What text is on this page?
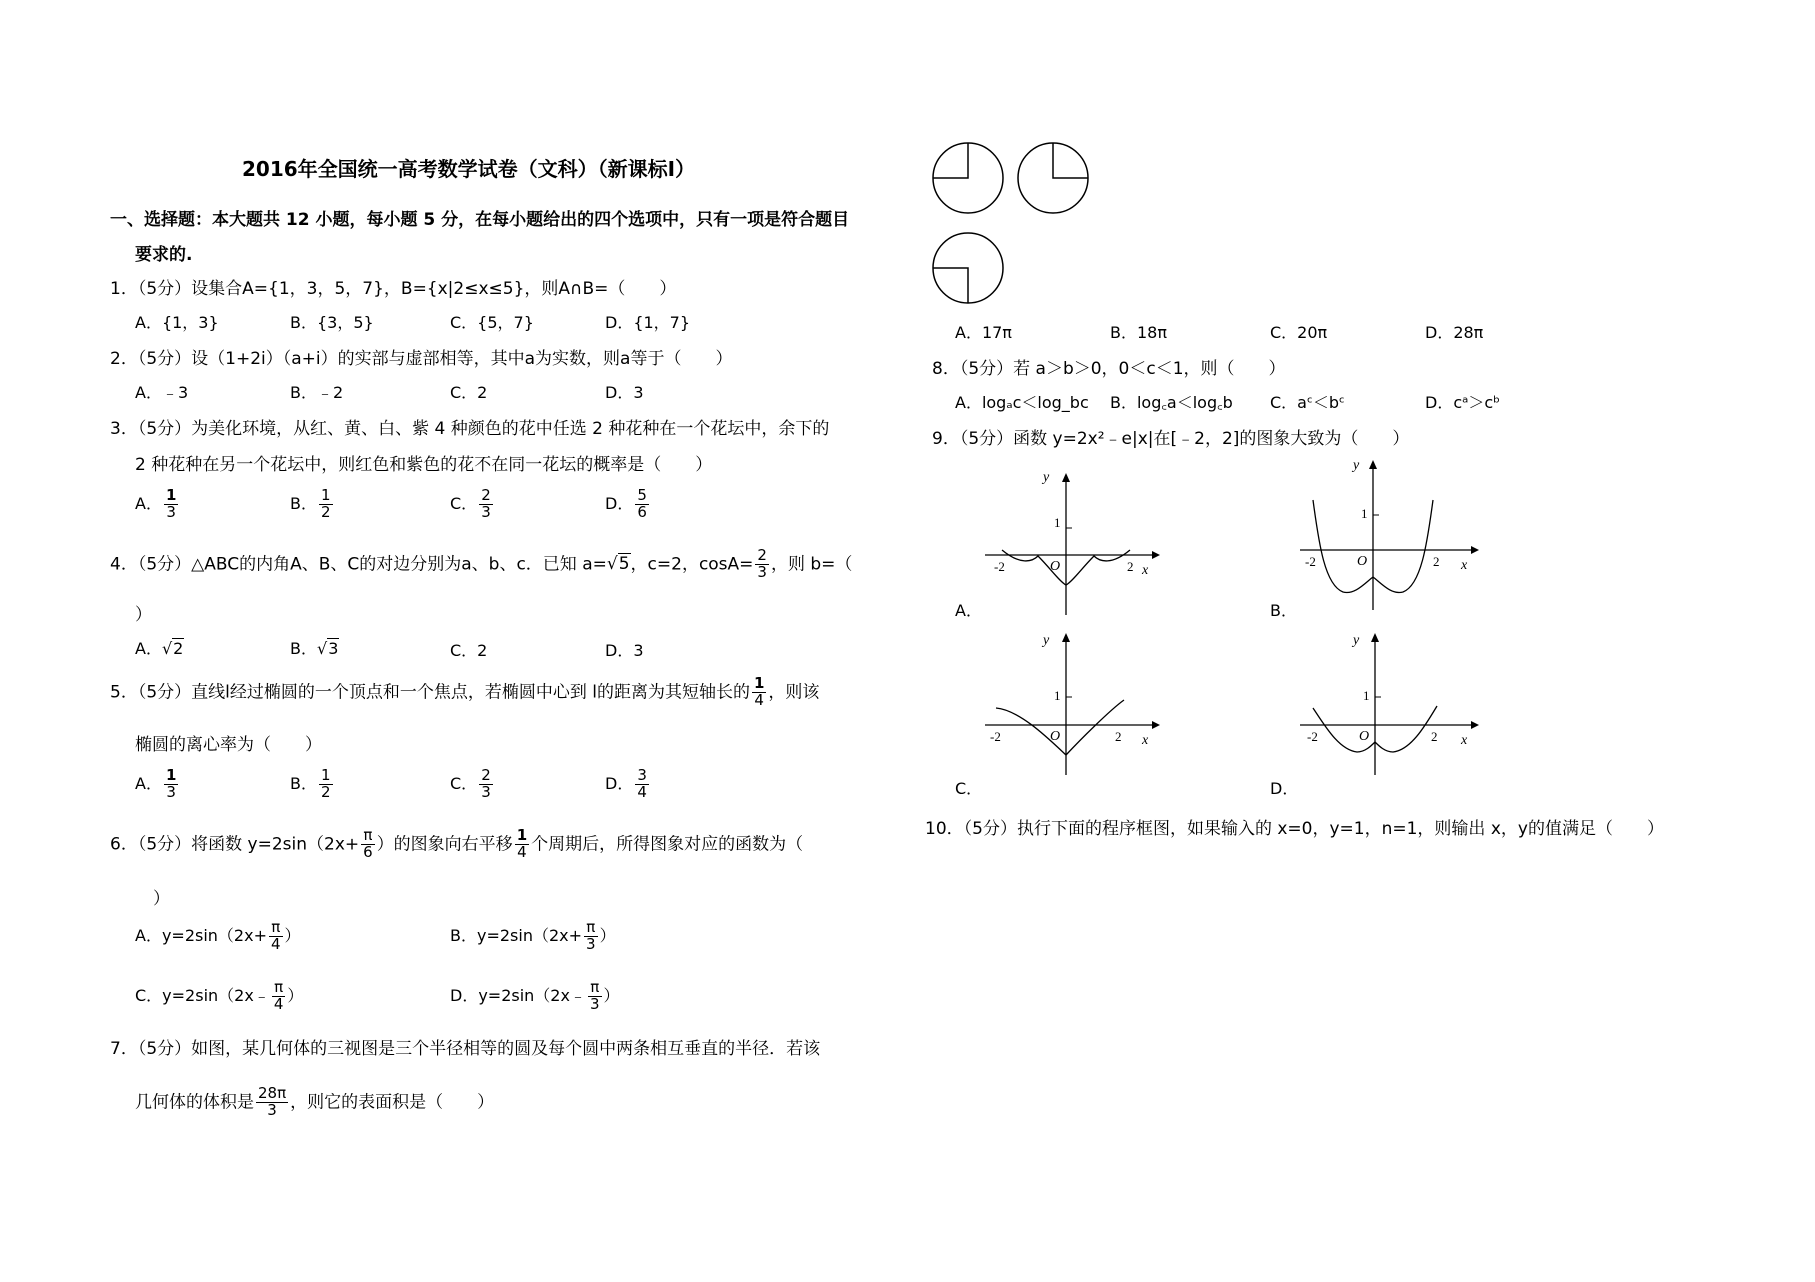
2016年全国统一高考数学试卷（文科）（新课标I）
一、选择题：本大题共 12 小题，每小题 5 分，在每小题给出的四个选项中，只有一项是符合题目
要求的.
1．（5分）设集合A={1，3，5，7}，B={x|2≤x≤5}，则A∩B=（　　）
A．{1，3}	B．{3，5}	C．{5，7}	D．{1，7}
2．（5分）设（1+2i）（a+i）的实部与虚部相等，其中a为实数，则a等于（　　）
A．﹣3	B．﹣2	C．2	D．3
3．（5分）为美化环境，从红、黄、白、紫 4 种颜色的花中任选 2 种花种在一个花坛中，余下的
2 种花种在另一个花坛中，则红色和紫色的花不在同一花坛的概率是（　　）
A． $\frac{1}{3}$	B． $\frac{1}{2}$	C． $\frac{2}{3}$	D． $\frac{5}{6}$
4．（5分）△ABC的内角A、B、C的对边分别为a、b、c．已知 a=√5，c=2，$\cos A= \frac{2}{3}$ ，则 b=（
）
A．√2	B．√3	C．2	D．3
5．（5分）直线l经过椭圆的一个顶点和一个焦点，若椭圆中心到 l的距离为其短轴长的 $\frac{1}{4}$ ，则该
椭圆的离心率为（　　）
A． $\frac{1}{3}$	B． $\frac{1}{2}$	C． $\frac{2}{3}$	D． $\frac{3}{4}$
6．（5分）将函数 $y=2\sin(2x+ \frac{\pi}{6}$ ）的图象向右平移 $\frac{1}{4}$ 个周期后，所得图象对应的函数为（
）
A．$y=2\sin(2x+ \frac{\pi}{4}$ ）	B．$y=2\sin(2x+ \frac{\pi}{3}$ ）
C．y=2sin（2x﹣ $\frac{\pi}{4}$ ）	D．y=2sin（2x﹣ $\frac{\pi}{3}$ ）
7．（5分）如图，某几何体的三视图是三个半径相等的圆及每个圆中两条相互垂直的半径．若该
几何体的体积是 $\frac{28\pi}{3}$ ，则它的表面积是（　　）
A．17π	B．18π	C．20π	D．28π
8．（5分）若 a＞b＞0，0＜c＜1，则（　　）
A．logₐc＜log_bc B．log꜀a＜log꜀b C．aᶜ＜bᶜ	D．cᵃ＞cᵇ
9．（5分）函数 y=2x²﹣e|x|在[﹣2，2]的图象大致为（　　）
y
1
O
-2	2 x
A．
y
1
O
-2	2 x
B．
y
1
O
-2	2 x
C．
y
1
O
-2	2 x
D．
10．（5分）执行下面的程序框图，如果输入的 x=0，y=1，n=1，则输出 x，y的值满足（　　）
